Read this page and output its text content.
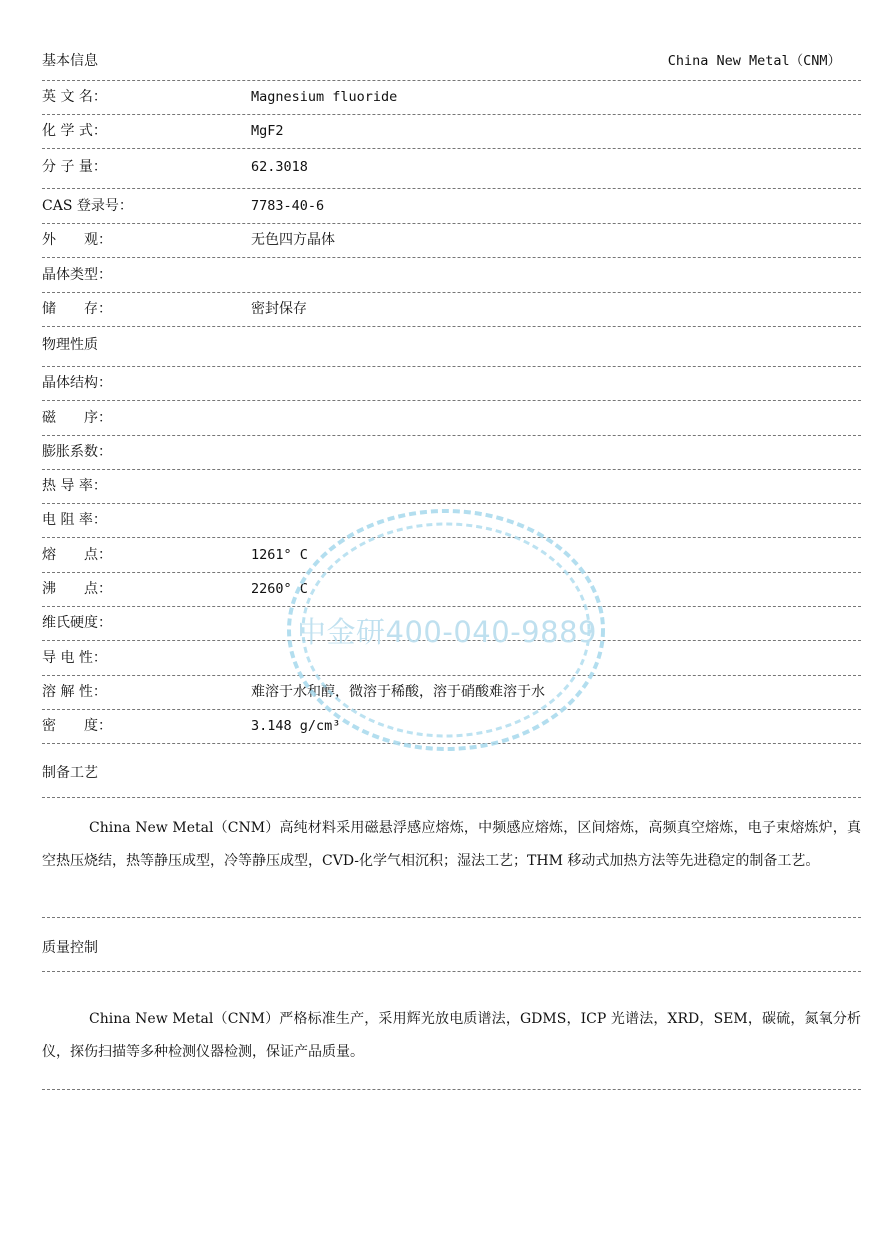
基本信息	China New Metal（CNM）
英 文 名：	Magnesium fluoride
化 学 式：	MgF2
分 子 量：	62.3018
CAS 登录号：	7783-40-6
外　　观：	无色四方晶体
晶体类型：
储　　存：	密封保存
物理性质
晶体结构：
磁　　序：
膨胀系数：
热 导 率：
电 阻 率：
熔　　点：	1261° C
沸　　点：	2260° C
维氏硬度：
导 电 性：
溶 解 性：	难溶于水和醇，微溶于稀酸，溶于硝酸难溶于水
密　　度：	3.148 g/cm³
制备工艺
China New Metal（CNM）高纯材料采用磁悬浮感应熔炼，中频感应熔炼，区间熔炼，高频真空熔炼，电子束熔炼炉，真空热压烧结，热等静压成型，冷等静压成型，CVD-化学气相沉积；湿法工艺；THM 移动式加热方法等先进稳定的制备工艺。
质量控制
China New Metal（CNM）严格标准生产，采用辉光放电质谱法，GDMS，ICP 光谱法，XRD，SEM，碳硫，氮氧分析仪，探伤扫描等多种检测仪器检测，保证产品质量。
中金研400-040-9889
